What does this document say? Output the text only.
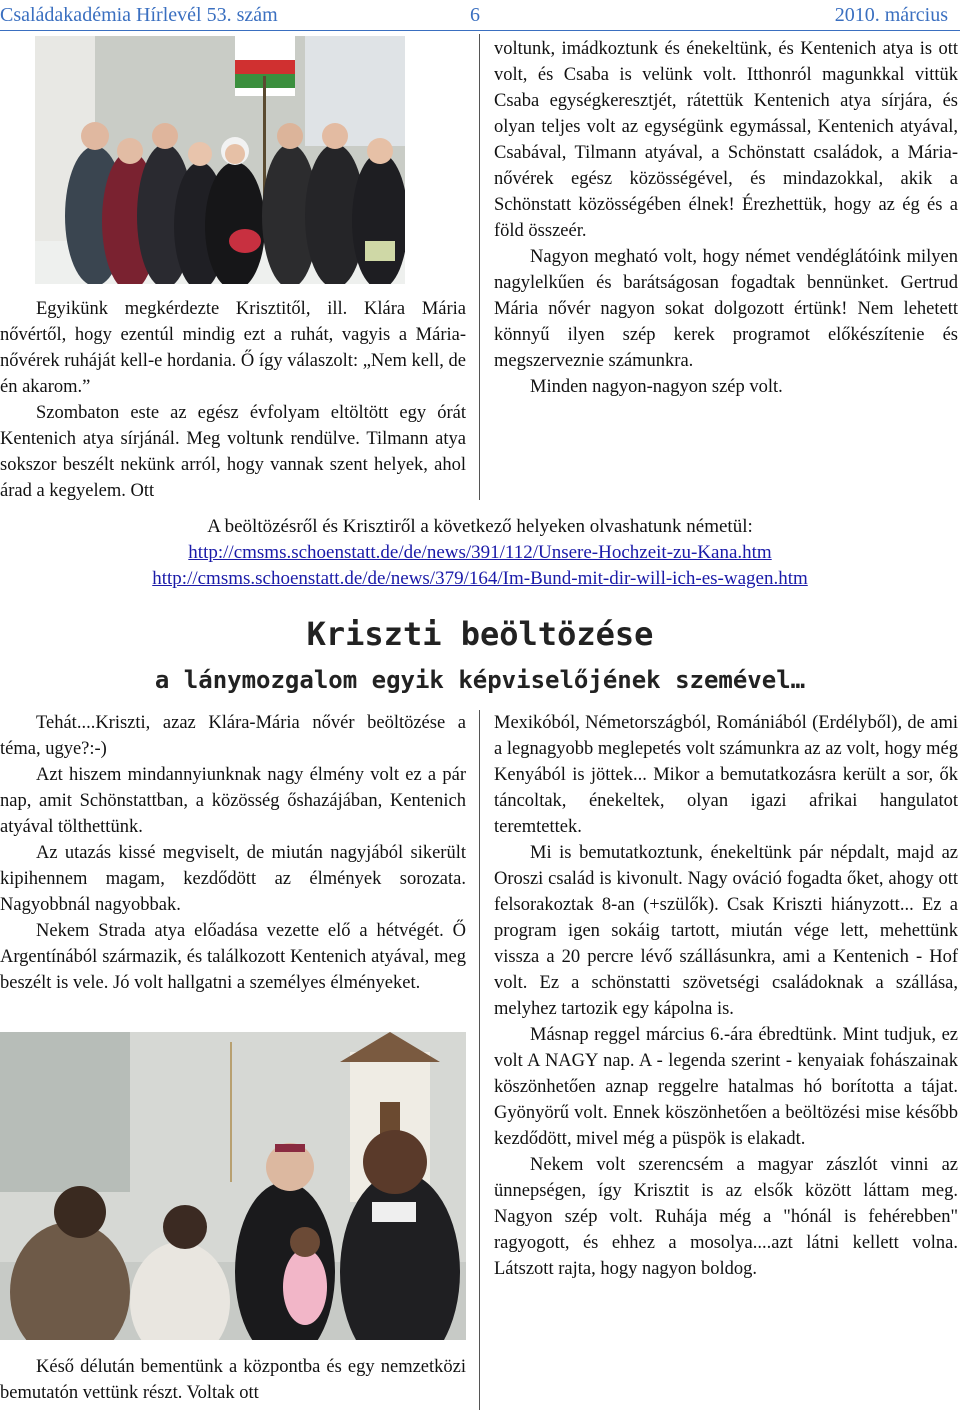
Családakadémia Hírlevél 53. szám	6	2010. március

Egyikünk megkérdezte Krisztitől, ill. Klára Mária nővértől, hogy ezentúl mindig ezt a ruhát, vagyis a Mária-nővérek ruháját kell-e hordania. Ő így válaszolt: „Nem kell, de én akarom.”

Szombaton este az egész évfolyam eltöltött egy órát Kentenich atya sírjánál. Meg voltunk rendülve. Tilmann atya sokszor beszélt nekünk arról, hogy vannak szent helyek, ahol árad a kegyelem. Ott

voltunk, imádkoztunk és énekeltünk, és Kentenich atya is ott volt, és Csaba is velünk volt. Itthonról magunkkal vittük Csaba egységkeresztjét, rátettük Kentenich atya sírjára, és olyan teljes volt az egységünk egymással, Kentenich atyával, Csabával, Tilmann atyával, a Schönstatt családok, a Mária-nővérek egész közösségével, és mindazokkal, akik a Schönstatt közösségében élnek! Érezhettük, hogy az ég és a föld összeér.

Nagyon megható volt, hogy német vendéglátóink milyen nagylelkűen és barátságosan fogadtak bennünket. Gertrud Mária nővér nagyon sokat dolgozott értünk! Nem lehetett könnyű ilyen szép kerek programot előkészítenie és megszerveznie számunkra.

Minden nagyon-nagyon szép volt.

A beöltözésről és Krisztiről a következő helyeken olvashatunk németül:

http://cmsms.schoenstatt.de/de/news/391/112/Unsere-Hochzeit-zu-Kana.htm

http://cmsms.schoenstatt.de/de/news/379/164/Im-Bund-mit-dir-will-ich-es-wagen.htm

Kriszti beöltözése
a lánymozgalom egyik képviselőjének szemével…

Tehát....Kriszti, azaz Klára-Mária nővér beöltözése a téma, ugye?:-)

Azt hiszem mindannyiunknak nagy élmény volt ez a pár nap, amit Schönstattban, a közösség őshazájában, Kentenich atyával tölthettünk.

Az utazás kissé megviselt, de miután nagyjából sikerült kipihennem magam, kezdődött az élmények sorozata. Nagyobbnál nagyobbak.

Nekem Strada atya előadása vezette elő a hétvégét. Ő Argentínából származik, és találkozott Kentenich atyával, meg beszélt is vele. Jó volt hallgatni a személyes élményeket.

Késő délután bementünk a központba és egy nemzetközi bemutatón vettünk részt. Voltak ott

Mexikóból, Németországból, Romániából (Erdélyből), de ami a legnagyobb meglepetés volt számunkra az az volt, hogy még Kenyából is jöttek... Mikor a bemutatkozásra került a sor, ők táncoltak, énekeltek, olyan igazi afrikai hangulatot teremtettek.

Mi is bemutatkoztunk, énekeltünk pár népdalt, majd az Oroszi család is kivonult. Nagy ováció fogadta őket, ahogy ott felsorakoztak 8-an (+szülők). Csak Kriszti hiányzott... Ez a program igen sokáig tartott, miután vége lett, mehettünk vissza a 20 percre lévő szállásunkra, ami a Kentenich - Hof volt. Ez a schönstatti szövetségi családoknak a szállása, melyhez tartozik egy kápolna is.

Másnap reggel március 6.-ára ébredtünk. Mint tudjuk, ez volt A NAGY nap. A - legenda szerint - kenyaiak fohászainak köszönhetően aznap reggelre hatalmas hó borította a tájat. Gyönyörű volt. Ennek köszönhetően a beöltözési mise később kezdődött, mivel még a püspök is elakadt.

Nekem volt szerencsém a magyar zászlót vinni az ünnepségen, így Krisztit is az elsők között láttam meg. Nagyon szép volt. Ruhája még a "hónál is fehérebben" ragyogott, és ehhez a mosolya....azt látni kellett volna. Látszott rajta, hogy nagyon boldog.
